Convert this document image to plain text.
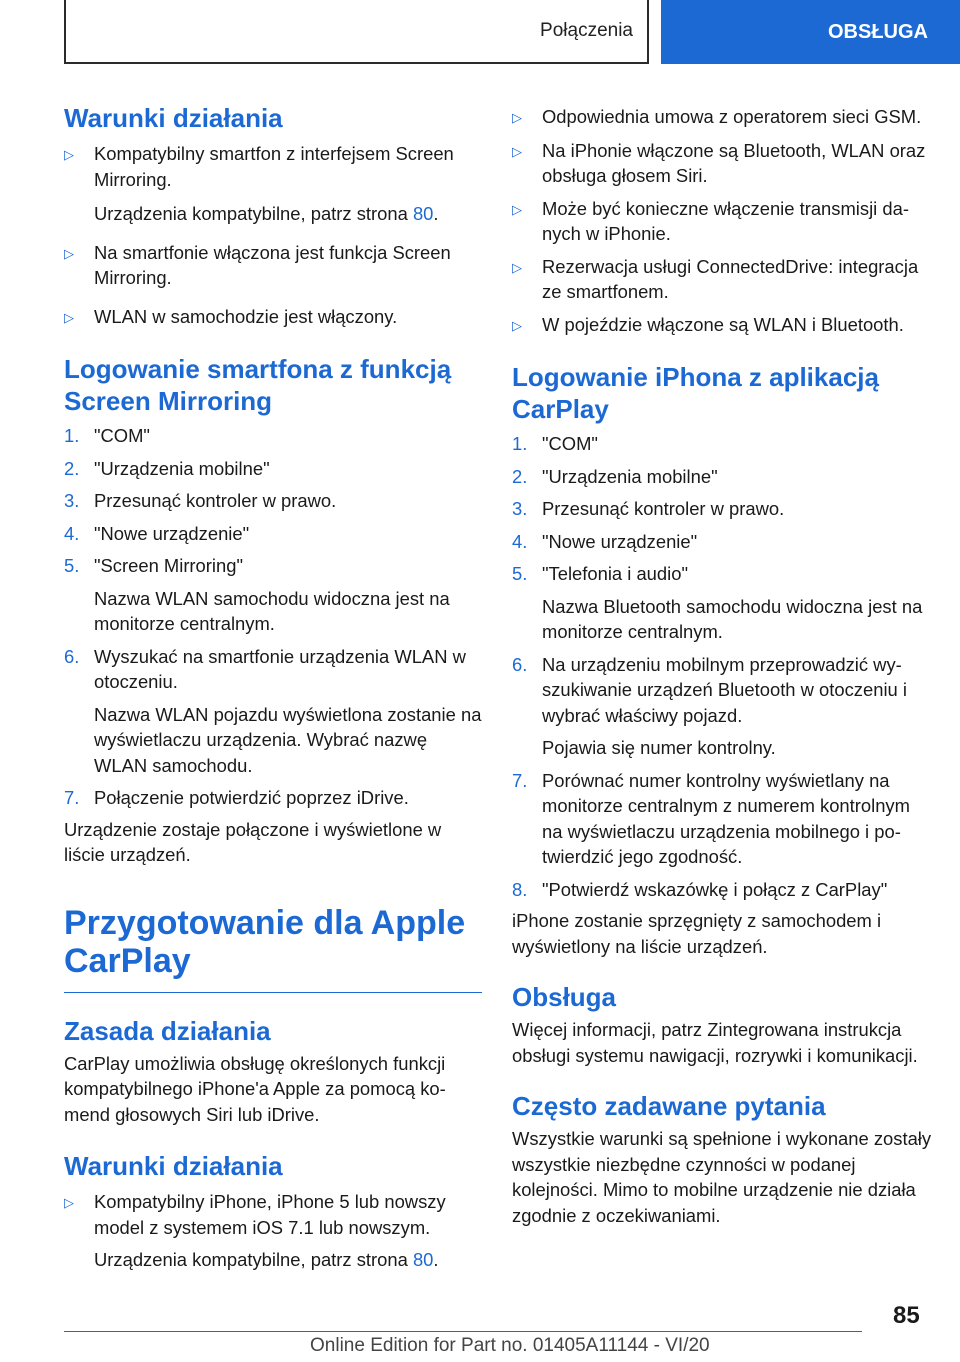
Połączenia	OBSŁUGA
Warunki działania
▷	Kompatybilny smartfon z interfejsem Screen Mirroring.
Urządzenia kompatybilne, patrz strona 80.
▷	Na smartfonie włączona jest funkcja Screen Mirroring.
▷	WLAN w samochodzie jest włączony.
Logowanie smartfona z funkcją Screen Mirroring
1. "COM"
2. "Urządzenia mobilne"
3. Przesunąć kontroler w prawo.
4. "Nowe urządzenie"
5. "Screen Mirroring"
Nazwa WLAN samochodu widoczna jest na monitorze centralnym.
6. Wyszukać na smartfonie urządzenia WLAN w otoczeniu.
Nazwa WLAN pojazdu wyświetlona zostanie na wyświetlaczu urządzenia. Wybrać nazwę WLAN samochodu.
7. Połączenie potwierdzić poprzez iDrive.

Urządzenie zostaje połączone i wyświetlone w liście urządzeń.

Przygotowanie dla Apple CarPlay
Zasada działania

CarPlay umożliwia obsługę określonych funkcji kompatybilnego iPhone'a Apple za pomocą komend głosowych Siri lub iDrive.

Warunki działania
▷	Kompatybilny iPhone, iPhone 5 lub nowszy model z systemem iOS 7.1 lub nowszym.
Urządzenia kompatybilne, patrz strona 80.
▷	Odpowiednia umowa z operatorem sieci GSM.
▷	Na iPhonie włączone są Bluetooth, WLAN oraz obsługa głosem Siri.
▷	Może być konieczne włączenie transmisji danych w iPhonie.
▷	Rezerwacja usługi ConnectedDrive: integracja ze smartfonem.
▷	W pojeździe włączone są WLAN i Bluetooth.
Logowanie iPhona z aplikacją CarPlay
1. "COM"
2. "Urządzenia mobilne"
3. Przesunąć kontroler w prawo.
4. "Nowe urządzenie"
5. "Telefonia i audio"
Nazwa Bluetooth samochodu widoczna jest na monitorze centralnym.
6. Na urządzeniu mobilnym przeprowadzić wyszukiwanie urządzeń Bluetooth w otoczeniu i wybrać właściwy pojazd.
Pojawia się numer kontrolny.
7. Porównać numer kontrolny wyświetlany na monitorze centralnym z numerem kontrolnym na wyświetlaczu urządzenia mobilnego i potwierdzić jego zgodność.
8. "Potwierdź wskazówkę i połącz z CarPlay"

iPhone zostanie sprzęgnięty z samochodem i wyświetlony na liście urządzeń.

Obsługa

Więcej informacji, patrz Zintegrowana instrukcja obsługi systemu nawigacji, rozrywki i komunikacji.

Często zadawane pytania

Wszystkie warunki są spełnione i wykonane zostały wszystkie niezbędne czynności w podanej kolejności. Mimo to mobilne urządzenie nie działa zgodnie z oczekiwaniami.

85
Online Edition for Part no. 01405A11144 - VI/20
